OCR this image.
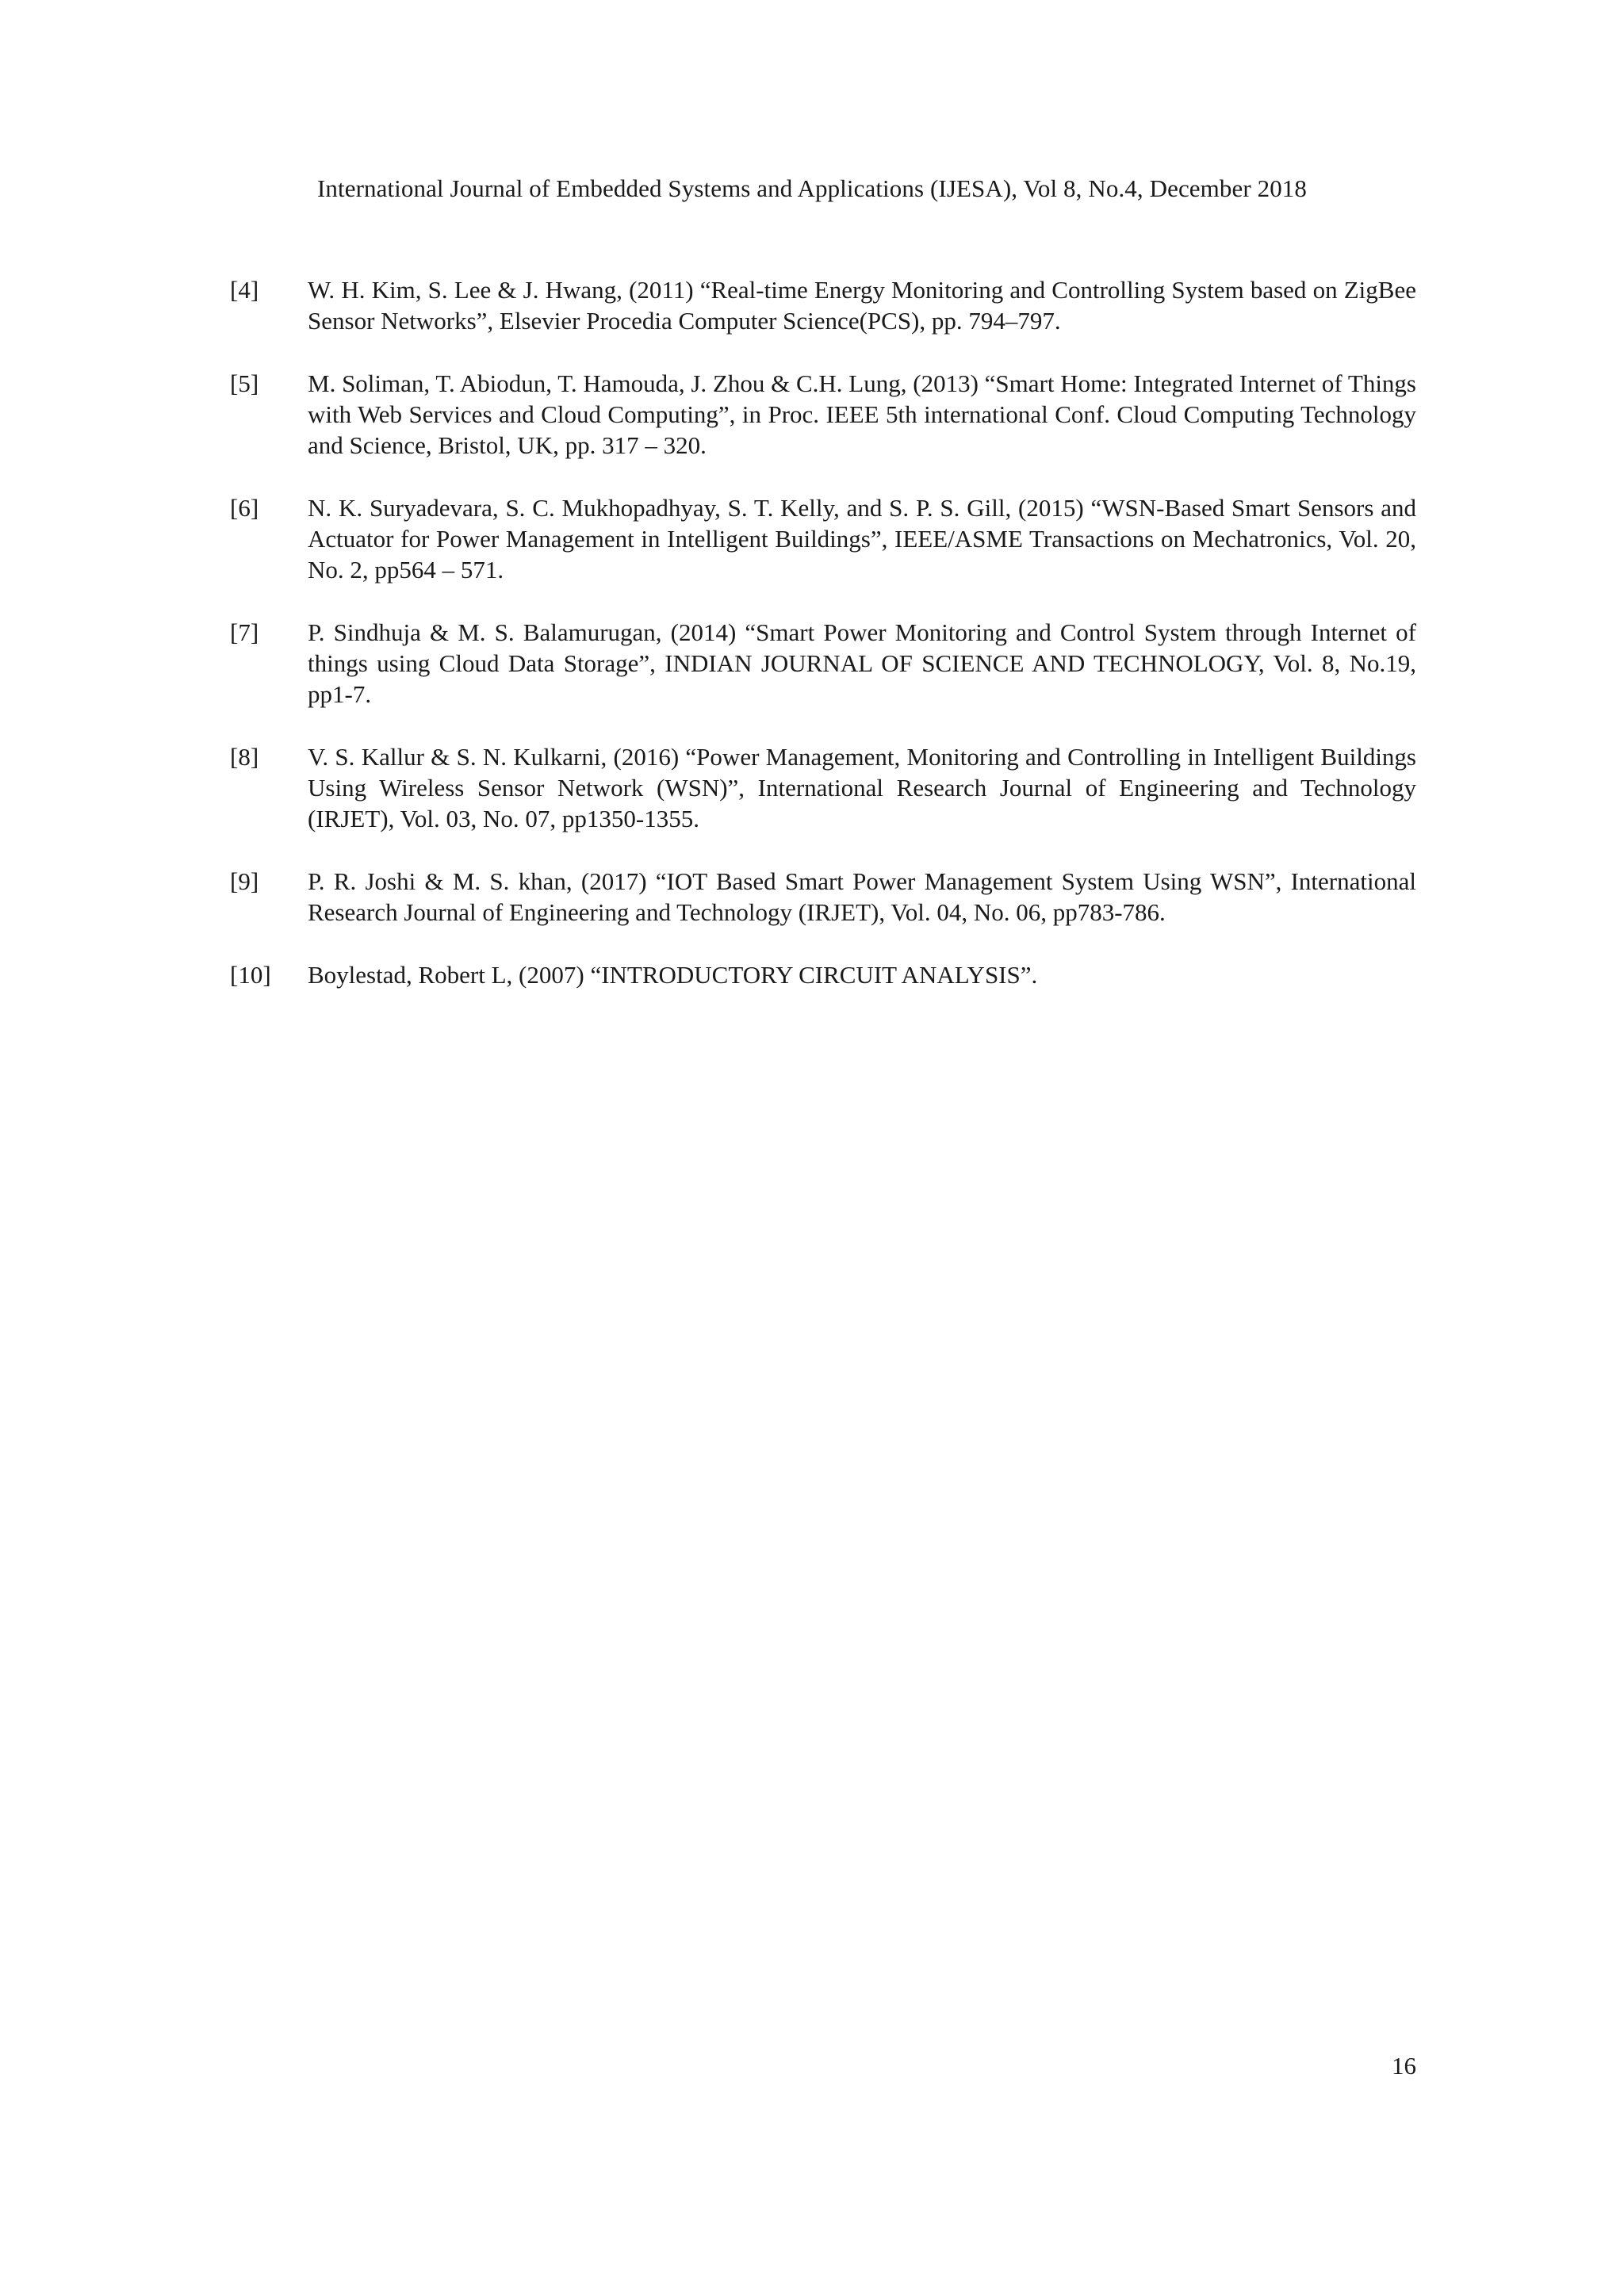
International Journal of Embedded Systems and Applications (IJESA), Vol 8, No.4, December 2018
[4] W. H. Kim, S. Lee & J. Hwang, (2011) “Real-time Energy Monitoring and Controlling System based on ZigBee Sensor Networks”, Elsevier Procedia Computer Science(PCS), pp. 794–797.
[5] M. Soliman, T. Abiodun, T. Hamouda, J. Zhou & C.H. Lung, (2013) “Smart Home: Integrated Internet of Things with Web Services and Cloud Computing”, in Proc. IEEE 5th international Conf. Cloud Computing Technology and Science, Bristol, UK, pp. 317 – 320.
[6] N. K. Suryadevara, S. C. Mukhopadhyay, S. T. Kelly, and S. P. S. Gill, (2015) “WSN-Based Smart Sensors and Actuator for Power Management in Intelligent Buildings”, IEEE/ASME Transactions on Mechatronics, Vol. 20, No. 2, pp564 – 571.
[7] P. Sindhuja & M. S. Balamurugan, (2014) “Smart Power Monitoring and Control System through Internet of things using Cloud Data Storage”, INDIAN JOURNAL OF SCIENCE AND TECHNOLOGY, Vol. 8, No.19, pp1-7.
[8] V. S. Kallur & S. N. Kulkarni, (2016) “Power Management, Monitoring and Controlling in Intelligent Buildings Using Wireless Sensor Network (WSN)”, International Research Journal of Engineering and Technology (IRJET), Vol. 03, No. 07, pp1350-1355.
[9] P. R. Joshi & M. S. khan, (2017) “IOT Based Smart Power Management System Using WSN”, International Research Journal of Engineering and Technology (IRJET), Vol. 04, No. 06, pp783-786.
[10] Boylestad, Robert L, (2007) “INTRODUCTORY CIRCUIT ANALYSIS”.
16
